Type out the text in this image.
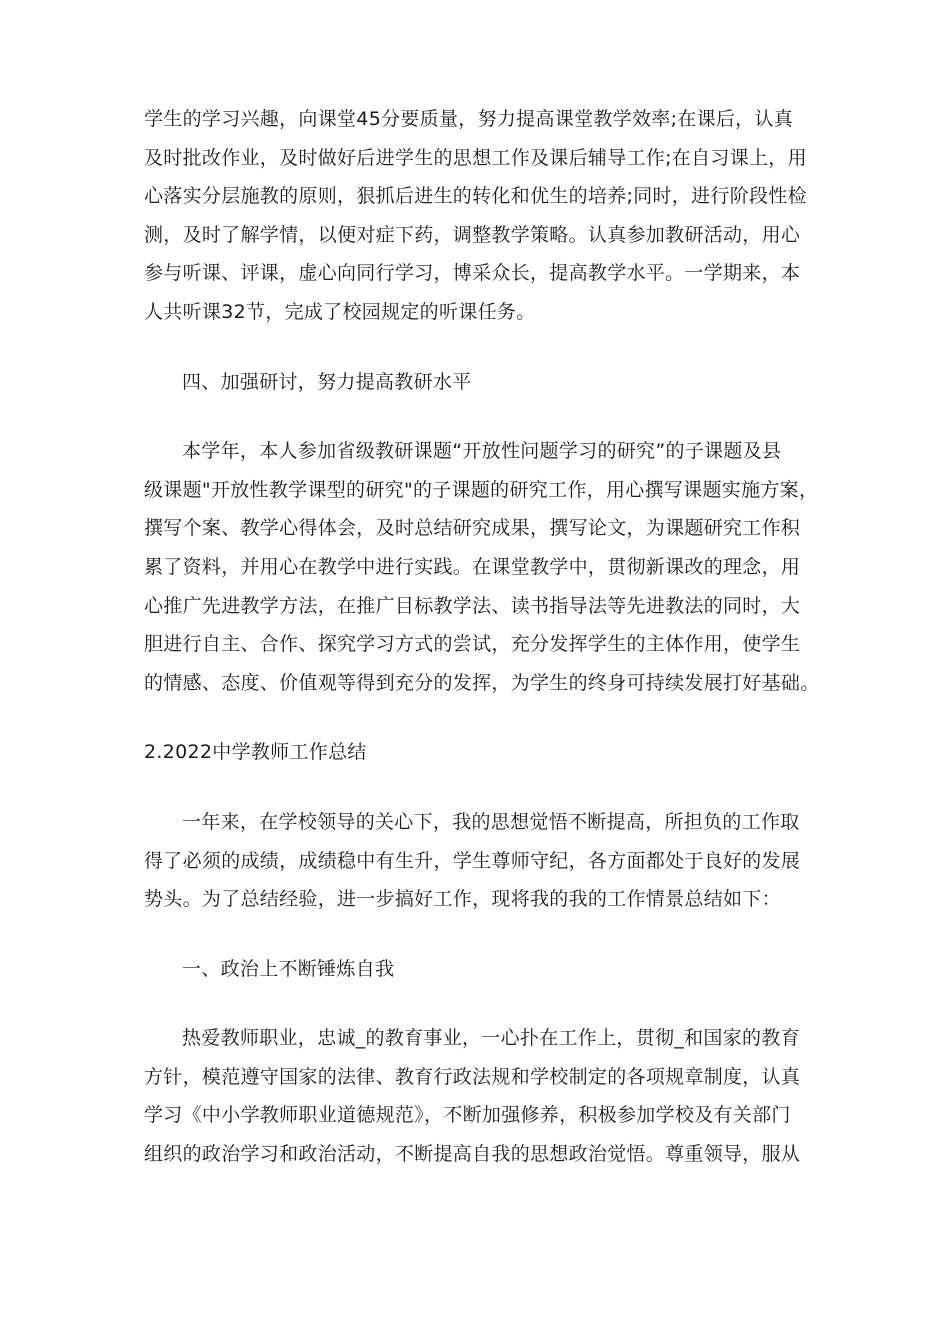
学生的学习兴趣，向课堂45分要质量，努力提高课堂教学效率;在课后，认真
及时批改作业，及时做好后进学生的思想工作及课后辅导工作;在自习课上，用
心落实分层施教的原则，狠抓后进生的转化和优生的培养;同时，进行阶段性检
测，及时了解学情，以便对症下药，调整教学策略。认真参加教研活动，用心
参与听课、评课，虚心向同行学习，博采众长，提高教学水平。一学期来，本
人共听课32节，完成了校园规定的听课任务。
四、加强研讨，努力提高教研水平
本学年，本人参加省级教研课题“开放性问题学习的研究”的子课题及县
级课题"开放性教学课型的研究"的子课题的研究工作，用心撰写课题实施方案，
撰写个案、教学心得体会，及时总结研究成果，撰写论文，为课题研究工作积
累了资料，并用心在教学中进行实践。在课堂教学中，贯彻新课改的理念，用
心推广先进教学方法，在推广目标教学法、读书指导法等先进教法的同时，大
胆进行自主、合作、探究学习方式的尝试，充分发挥学生的主体作用，使学生
的情感、态度、价值观等得到充分的发挥，为学生的终身可持续发展打好基础。
2.2022中学教师工作总结
一年来，在学校领导的关心下，我的思想觉悟不断提高，所担负的工作取
得了必须的成绩，成绩稳中有生升，学生尊师守纪，各方面都处于良好的发展
势头。为了总结经验，进一步搞好工作，现将我的我的工作情景总结如下：
一、政治上不断锤炼自我
热爱教师职业，忠诚_的教育事业，一心扑在工作上，贯彻_和国家的教育
方针，模范遵守国家的法律、教育行政法规和学校制定的各项规章制度，认真
学习《中小学教师职业道德规范》，不断加强修养，积极参加学校及有关部门
组织的政治学习和政治活动，不断提高自我的思想政治觉悟。尊重领导，服从
